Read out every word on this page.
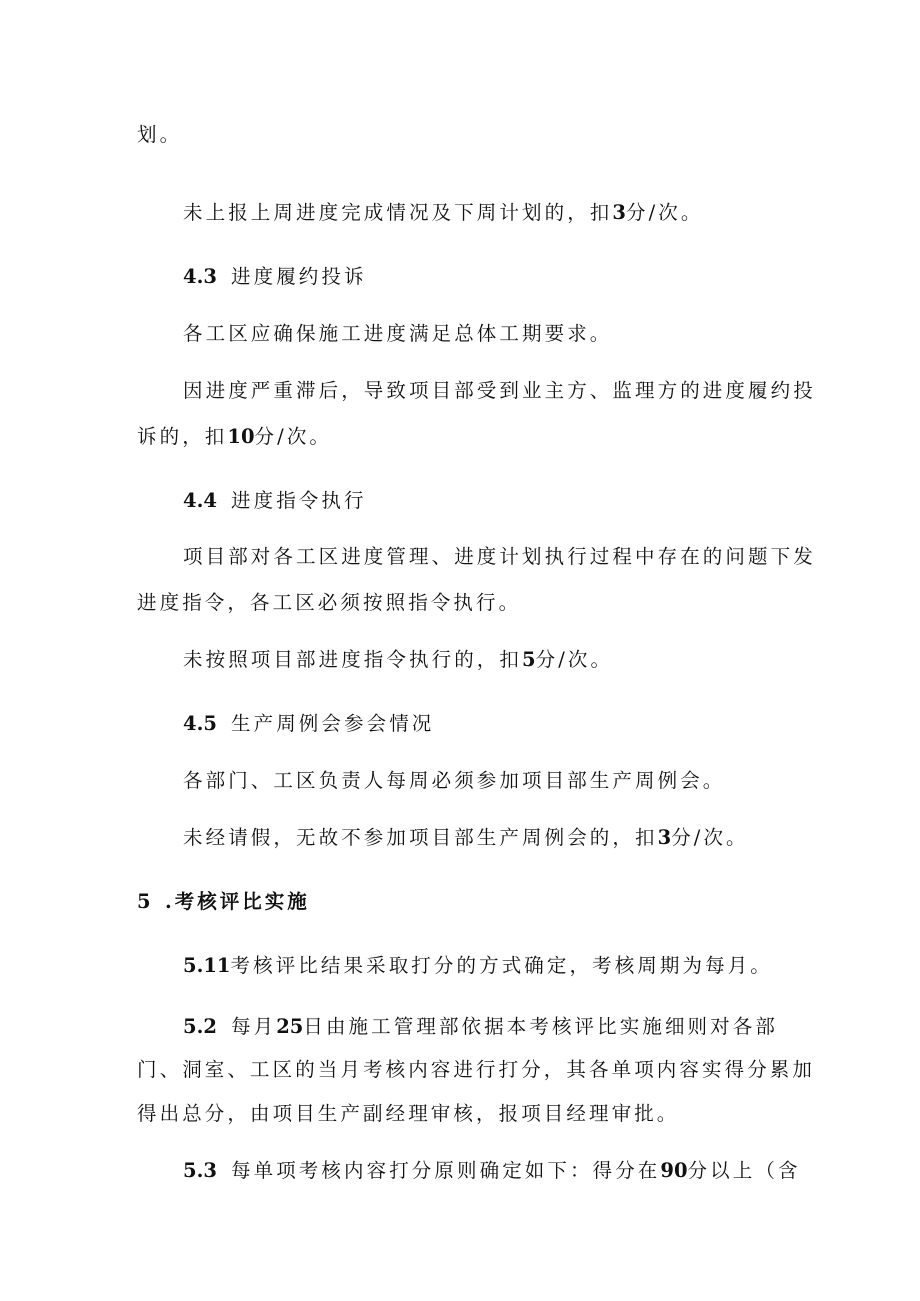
划。
未上报上周进度完成情况及下周计划的，扣3分/次。
4.3 进度履约投诉
各工区应确保施工进度满足总体工期要求。
因进度严重滞后，导致项目部受到业主方、监理方的进度履约投
诉的，扣10分/次。
4.4 进度指令执行
项目部对各工区进度管理、进度计划执行过程中存在的问题下发
进度指令，各工区必须按照指令执行。
未按照项目部进度指令执行的，扣5分/次。
4.5 生产周例会参会情况
各部门、工区负责人每周必须参加项目部生产周例会。
未经请假，无故不参加项目部生产周例会的，扣3分/次。
5 .考核评比实施
5.11考核评比结果采取打分的方式确定，考核周期为每月。
5.2 每月25日由施工管理部依据本考核评比实施细则对各部
门、洞室、工区的当月考核内容进行打分，其各单项内容实得分累加
得出总分，由项目生产副经理审核，报项目经理审批。
5.3 每单项考核内容打分原则确定如下：得分在90分以上（含
